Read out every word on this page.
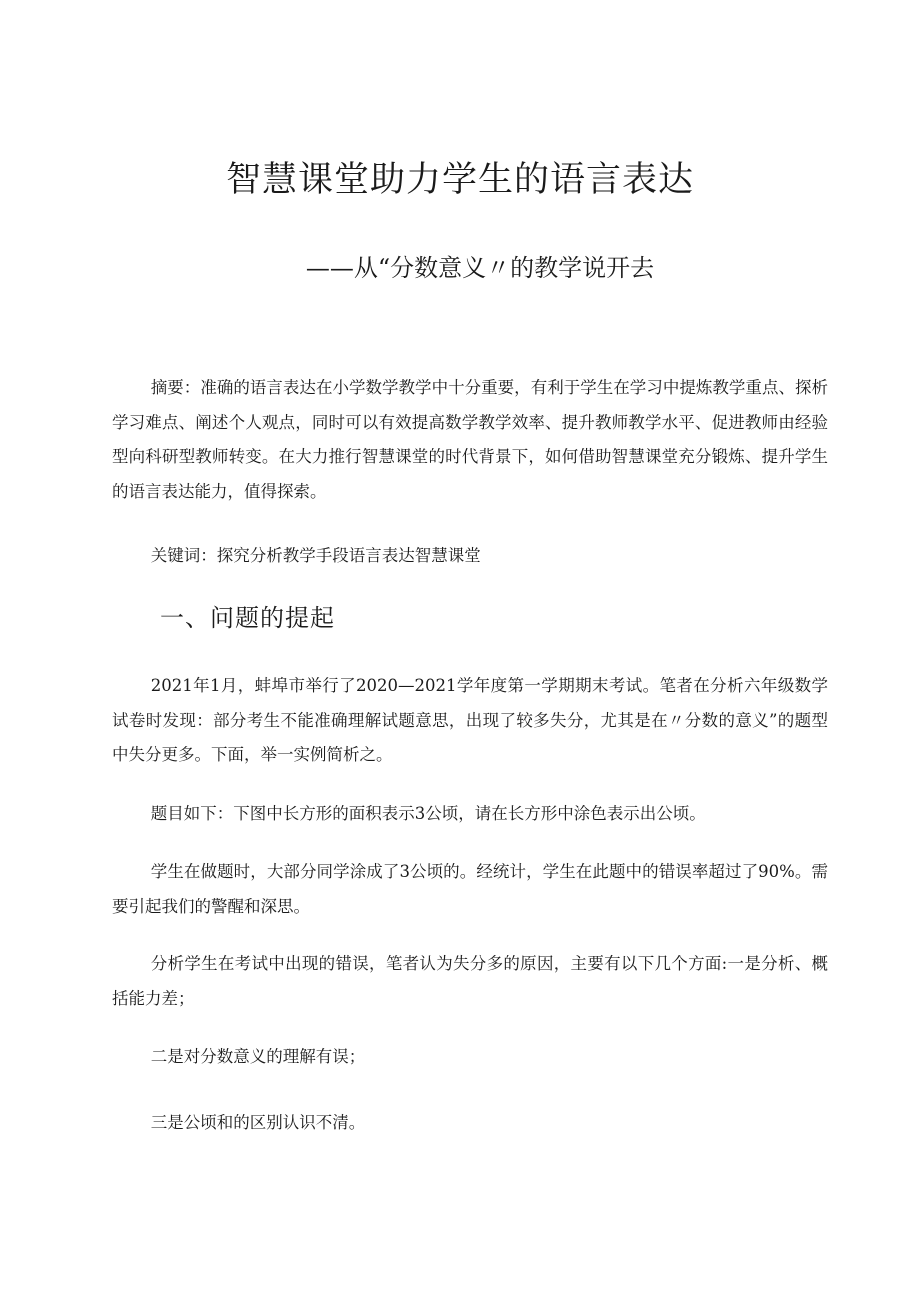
智慧课堂助力学生的语言表达
——从“分数意义〃的教学说开去

摘要：准确的语言表达在小学数学教学中十分重要，有利于学生在学习中提炼教学重点、探析学习难点、阐述个人观点，同时可以有效提高数学教学效率、提升教师教学水平、促进教师由经验型向科研型教师转变。在大力推行智慧课堂的时代背景下，如何借助智慧课堂充分锻炼、提升学生的语言表达能力，值得探索。

关键词：探究分析教学手段语言表达智慧课堂

一、问题的提起

2021年1月，蚌埠市举行了2020—2021学年度第一学期期末考试。笔者在分析六年级数学试卷时发现：部分考生不能准确理解试题意思，出现了较多失分，尤其是在〃分数的意义”的题型中失分更多。下面，举一实例简析之。

题目如下：下图中长方形的面积表示3公顷，请在长方形中涂色表示出公顷。

学生在做题时，大部分同学涂成了3公顷的。经统计，学生在此题中的错误率超过了90%。需要引起我们的警醒和深思。

分析学生在考试中出现的错误，笔者认为失分多的原因，主要有以下几个方面:一是分析、概括能力差；

二是对分数意义的理解有误；

三是公顷和的区别认识不清。
